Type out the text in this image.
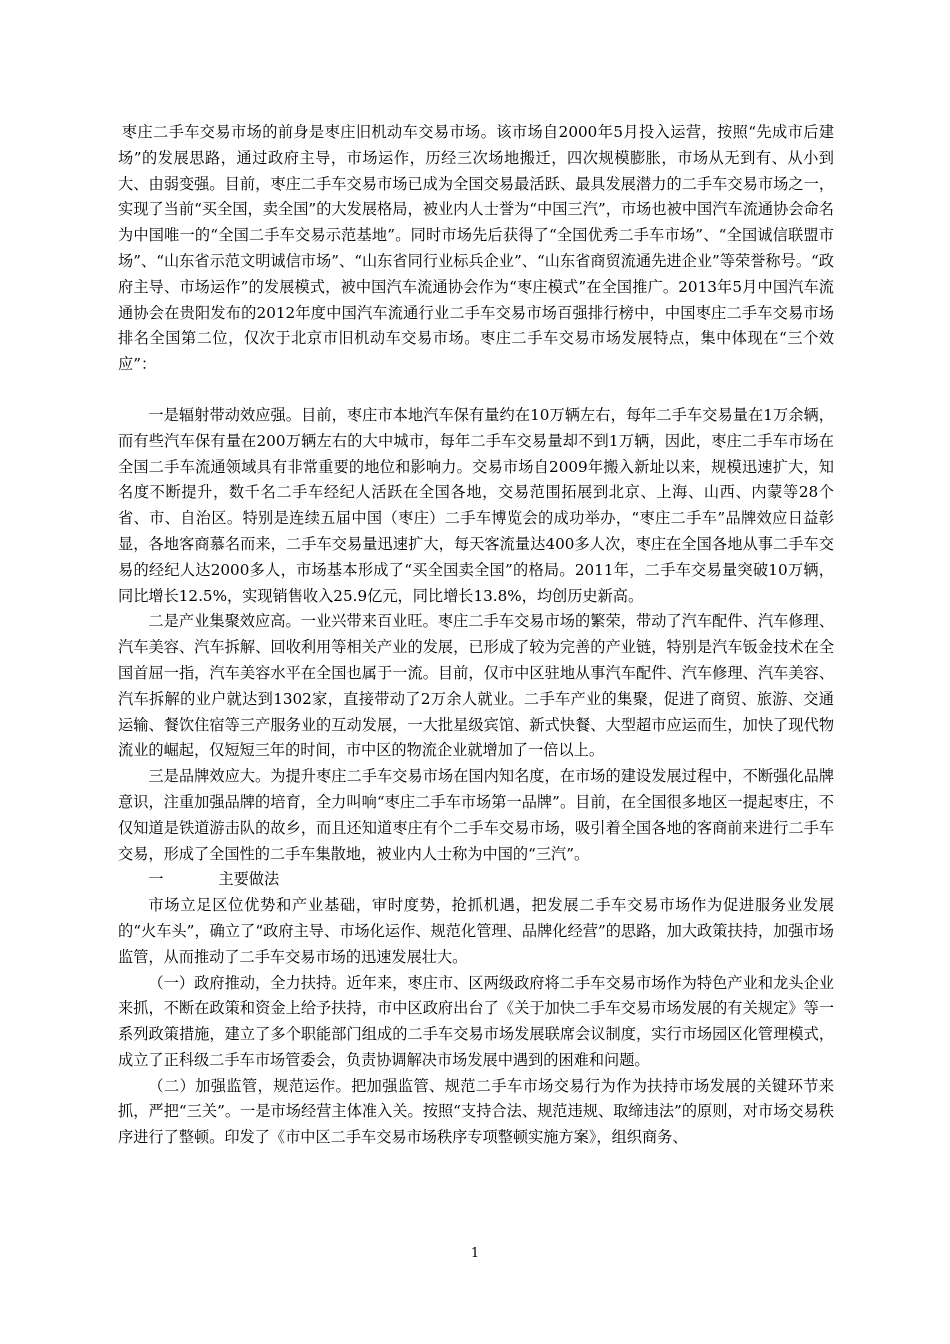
枣庄二手车交易市场的前身是枣庄旧机动车交易市场。该市场自2000年5月投入运营，按照“先成市后建场”的发展思路，通过政府主导，市场运作，历经三次场地搬迁，四次规模膨胀，市场从无到有、从小到大、由弱变强。目前，枣庄二手车交易市场已成为全国交易最活跃、最具发展潜力的二手车交易市场之一，实现了当前“买全国，卖全国”的大发展格局，被业内人士誉为“中国三汽”，市场也被中国汽车流通协会命名为中国唯一的“全国二手车交易示范基地”。同时市场先后获得了“全国优秀二手车市场”、“全国诚信联盟市场”、“山东省示范文明诚信市场”、“山东省同行业标兵企业”、“山东省商贸流通先进企业”等荣誉称号。“政府主导、市场运作”的发展模式，被中国汽车流通协会作为“枣庄模式”在全国推广。2013年5月中国汽车流通协会在贵阳发布的2012年度中国汽车流通行业二手车交易市场百强排行榜中，中国枣庄二手车交易市场排名全国第二位，仅次于北京市旧机动车交易市场。枣庄二手车交易市场发展特点，集中体现在“三个效应”：

一是辐射带动效应强。目前，枣庄市本地汽车保有量约在10万辆左右，每年二手车交易量在1万余辆，而有些汽车保有量在200万辆左右的大中城市，每年二手车交易量却不到1万辆，因此，枣庄二手车市场在全国二手车流通领域具有非常重要的地位和影响力。交易市场自2009年搬入新址以来，规模迅速扩大，知名度不断提升，数千名二手车经纪人活跃在全国各地，交易范围拓展到北京、上海、山西、内蒙等28个省、市、自治区。特别是连续五届中国（枣庄）二手车博览会的成功举办，“枣庄二手车”品牌效应日益彰显，各地客商慕名而来，二手车交易量迅速扩大，每天客流量达400多人次，枣庄在全国各地从事二手车交易的经纪人达2000多人，市场基本形成了“买全国卖全国”的格局。2011年，二手车交易量突破10万辆，同比增长12.5%，实现销售收入25.9亿元，同比增长13.8%，均创历史新高。

二是产业集聚效应高。一业兴带来百业旺。枣庄二手车交易市场的繁荣，带动了汽车配件、汽车修理、汽车美容、汽车拆解、回收利用等相关产业的发展，已形成了较为完善的产业链，特别是汽车钣金技术在全国首屈一指，汽车美容水平在全国也属于一流。目前，仅市中区驻地从事汽车配件、汽车修理、汽车美容、汽车拆解的业户就达到1302家，直接带动了2万余人就业。二手车产业的集聚，促进了商贸、旅游、交通运输、餐饮住宿等三产服务业的互动发展，一大批星级宾馆、新式快餐、大型超市应运而生，加快了现代物流业的崛起，仅短短三年的时间，市中区的物流企业就增加了一倍以上。

三是品牌效应大。为提升枣庄二手车交易市场在国内知名度，在市场的建设发展过程中，不断强化品牌意识，注重加强品牌的培育，全力叫响“枣庄二手车市场第一品牌”。目前，在全国很多地区一提起枣庄，不仅知道是铁道游击队的故乡，而且还知道枣庄有个二手车交易市场，吸引着全国各地的客商前来进行二手车交易，形成了全国性的二手车集散地，被业内人士称为中国的“三汽”。

一	主要做法

市场立足区位优势和产业基础，审时度势，抢抓机遇，把发展二手车交易市场作为促进服务业发展的“火车头”，确立了“政府主导、市场化运作、规范化管理、品牌化经营”的思路，加大政策扶持，加强市场监管，从而推动了二手车交易市场的迅速发展壮大。

（一）政府推动，全力扶持。近年来，枣庄市、区两级政府将二手车交易市场作为特色产业和龙头企业来抓，不断在政策和资金上给予扶持，市中区政府出台了《关于加快二手车交易市场发展的有关规定》等一系列政策措施，建立了多个职能部门组成的二手车交易市场发展联席会议制度，实行市场园区化管理模式，成立了正科级二手车市场管委会，负责协调解决市场发展中遇到的困难和问题。

（二）加强监管，规范运作。把加强监管、规范二手车市场交易行为作为扶持市场发展的关键环节来抓，严把“三关”。一是市场经营主体准入关。按照“支持合法、规范违规、取缔违法”的原则，对市场交易秩序进行了整顿。印发了《市中区二手车交易市场秩序专项整顿实施方案》，组织商务、

1
